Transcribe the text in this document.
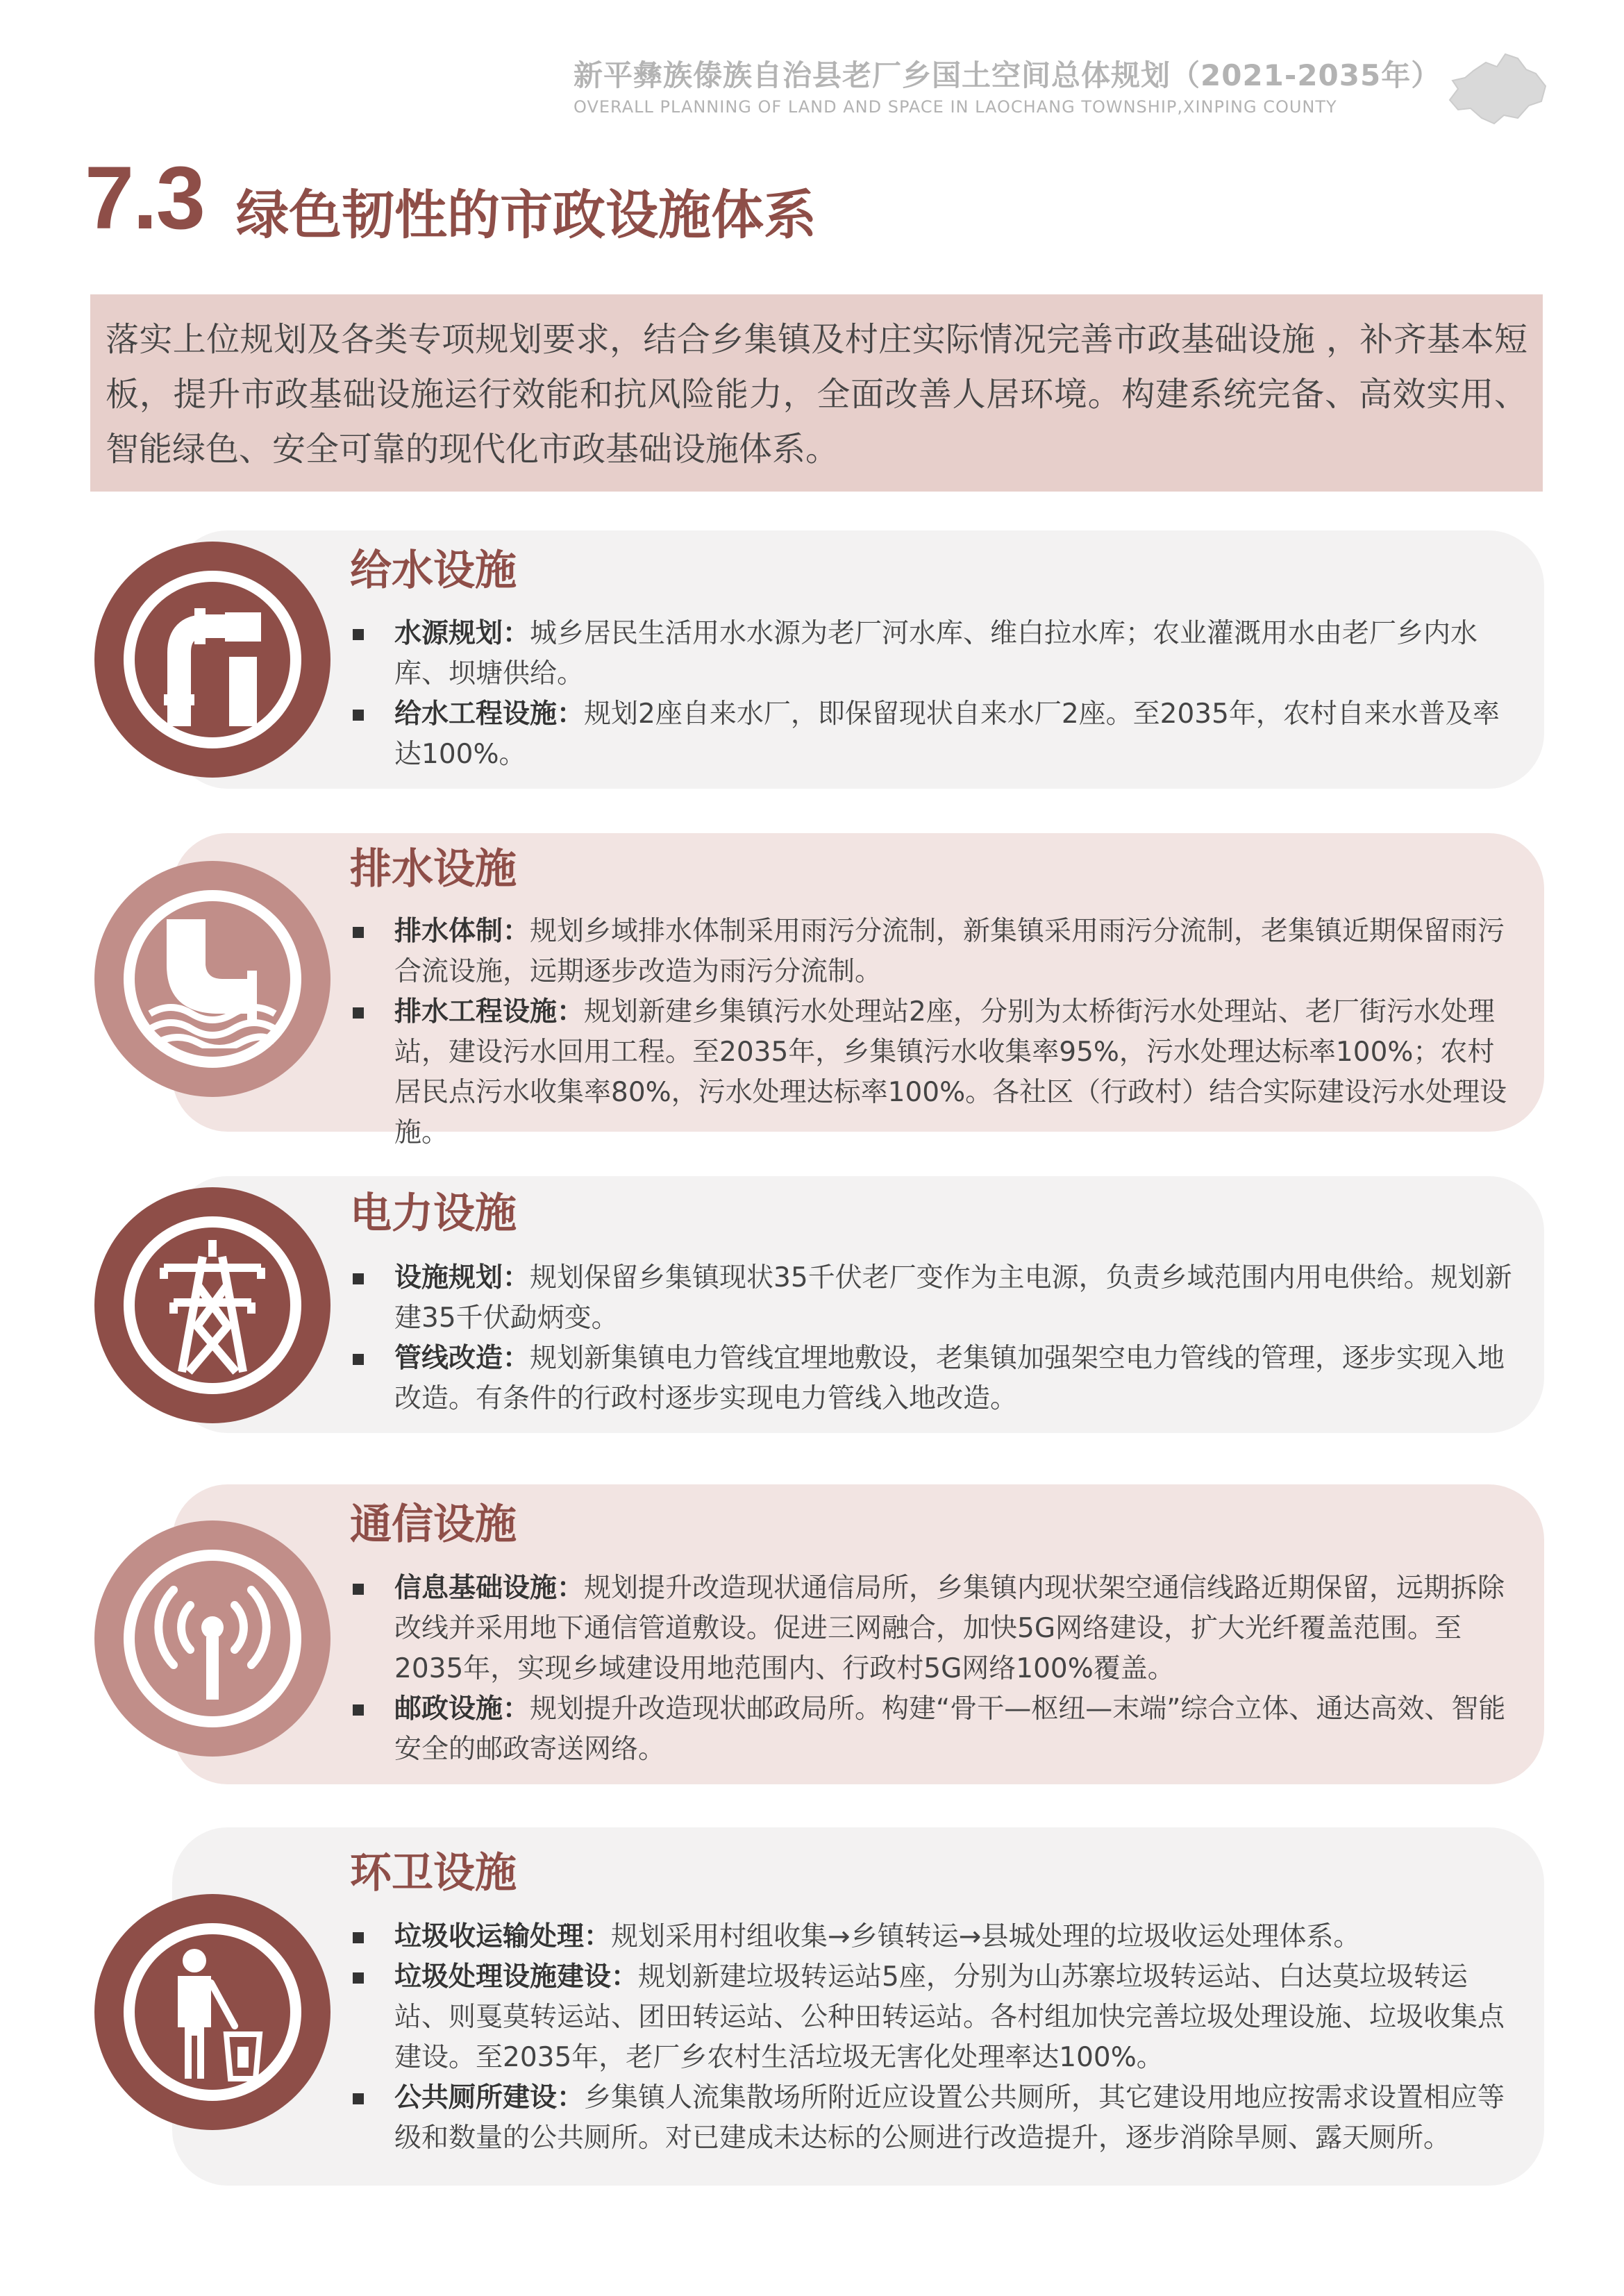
新平彝族傣族自治县老厂乡国土空间总体规划（2021-2035年）
OVERALL PLANNING OF LAND AND SPACE IN LAOCHANG TOWNSHIP,XINPING COUNTY
7.3 绿色韧性的市政设施体系

落实上位规划及各类专项规划要求，结合乡集镇及村庄实际情况完善市政基础设施 ，补齐基本短板，提升市政基础设施运行效能和抗风险能力，全面改善人居环境。构建系统完备、高效实用、智能绿色、安全可靠的现代化市政基础设施体系。

给水设施
水源规划：城乡居民生活用水水源为老厂河水库、维白拉水库；农业灌溉用水由老厂乡内水库、坝塘供给。
给水工程设施：规划2座自来水厂，即保留现状自来水厂2座。至2035年，农村自来水普及率达100%。
排水设施
排水体制：规划乡域排水体制采用雨污分流制，新集镇采用雨污分流制，老集镇近期保留雨污合流设施，远期逐步改造为雨污分流制。
排水工程设施：规划新建乡集镇污水处理站2座，分别为太桥街污水处理站、老厂街污水处理站，建设污水回用工程。至2035年，乡集镇污水收集率95%，污水处理达标率100%；农村居民点污水收集率80%，污水处理达标率100%。各社区（行政村）结合实际建设污水处理设施。
电力设施
设施规划：规划保留乡集镇现状35千伏老厂变作为主电源，负责乡域范围内用电供给。规划新建35千伏勐炳变。
管线改造：规划新集镇电力管线宜埋地敷设，老集镇加强架空电力管线的管理，逐步实现入地改造。有条件的行政村逐步实现电力管线入地改造。
通信设施
信息基础设施：规划提升改造现状通信局所，乡集镇内现状架空通信线路近期保留，远期拆除改线并采用地下通信管道敷设。促进三网融合，加快5G网络建设，扩大光纤覆盖范围。至2035年，实现乡域建设用地范围内、行政村5G网络100%覆盖。
邮政设施：规划提升改造现状邮政局所。构建“骨干—枢纽—末端”综合立体、通达高效、智能安全的邮政寄送网络。
环卫设施
垃圾收运输处理：规划采用村组收集→乡镇转运→县城处理的垃圾收运处理体系。
垃圾处理设施建设：规划新建垃圾转运站5座，分别为山苏寨垃圾转运站、白达莫垃圾转运站、则戛莫转运站、团田转运站、公种田转运站。各村组加快完善垃圾处理设施、垃圾收集点建设。至2035年，老厂乡农村生活垃圾无害化处理率达100%。
公共厕所建设：乡集镇人流集散场所附近应设置公共厕所，其它建设用地应按需求设置相应等级和数量的公共厕所。对已建成未达标的公厕进行改造提升，逐步消除旱厕、露天厕所。
